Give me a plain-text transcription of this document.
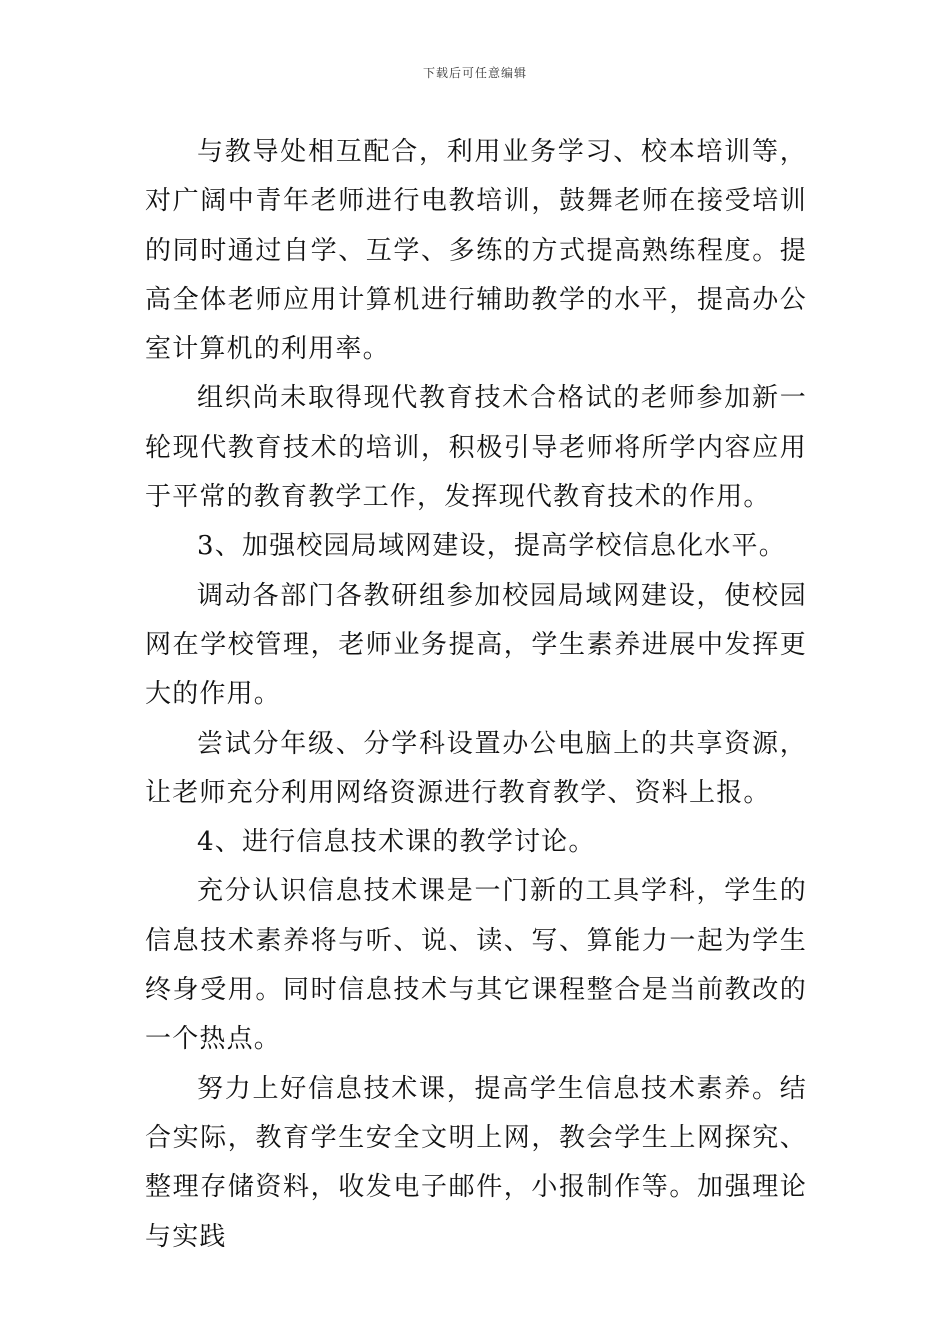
下载后可任意编辑

与教导处相互配合，利用业务学习、校本培训等，对广阔中青年老师进行电教培训，鼓舞老师在接受培训的同时通过自学、互学、多练的方式提高熟练程度。提高全体老师应用计算机进行辅助教学的水平，提高办公室计算机的利用率。

组织尚未取得现代教育技术合格试的老师参加新一轮现代教育技术的培训，积极引导老师将所学内容应用于平常的教育教学工作，发挥现代教育技术的作用。

3、加强校园局域网建设，提高学校信息化水平。

调动各部门各教研组参加校园局域网建设，使校园网在学校管理，老师业务提高，学生素养进展中发挥更大的作用。

尝试分年级、分学科设置办公电脑上的共享资源，让老师充分利用网络资源进行教育教学、资料上报。

4、进行信息技术课的教学讨论。

充分认识信息技术课是一门新的工具学科，学生的信息技术素养将与听、说、读、写、算能力一起为学生终身受用。同时信息技术与其它课程整合是当前教改的一个热点。

努力上好信息技术课，提高学生信息技术素养。结合实际，教育学生安全文明上网，教会学生上网探究、整理存储资料，收发电子邮件，小报制作等。加强理论与实践
